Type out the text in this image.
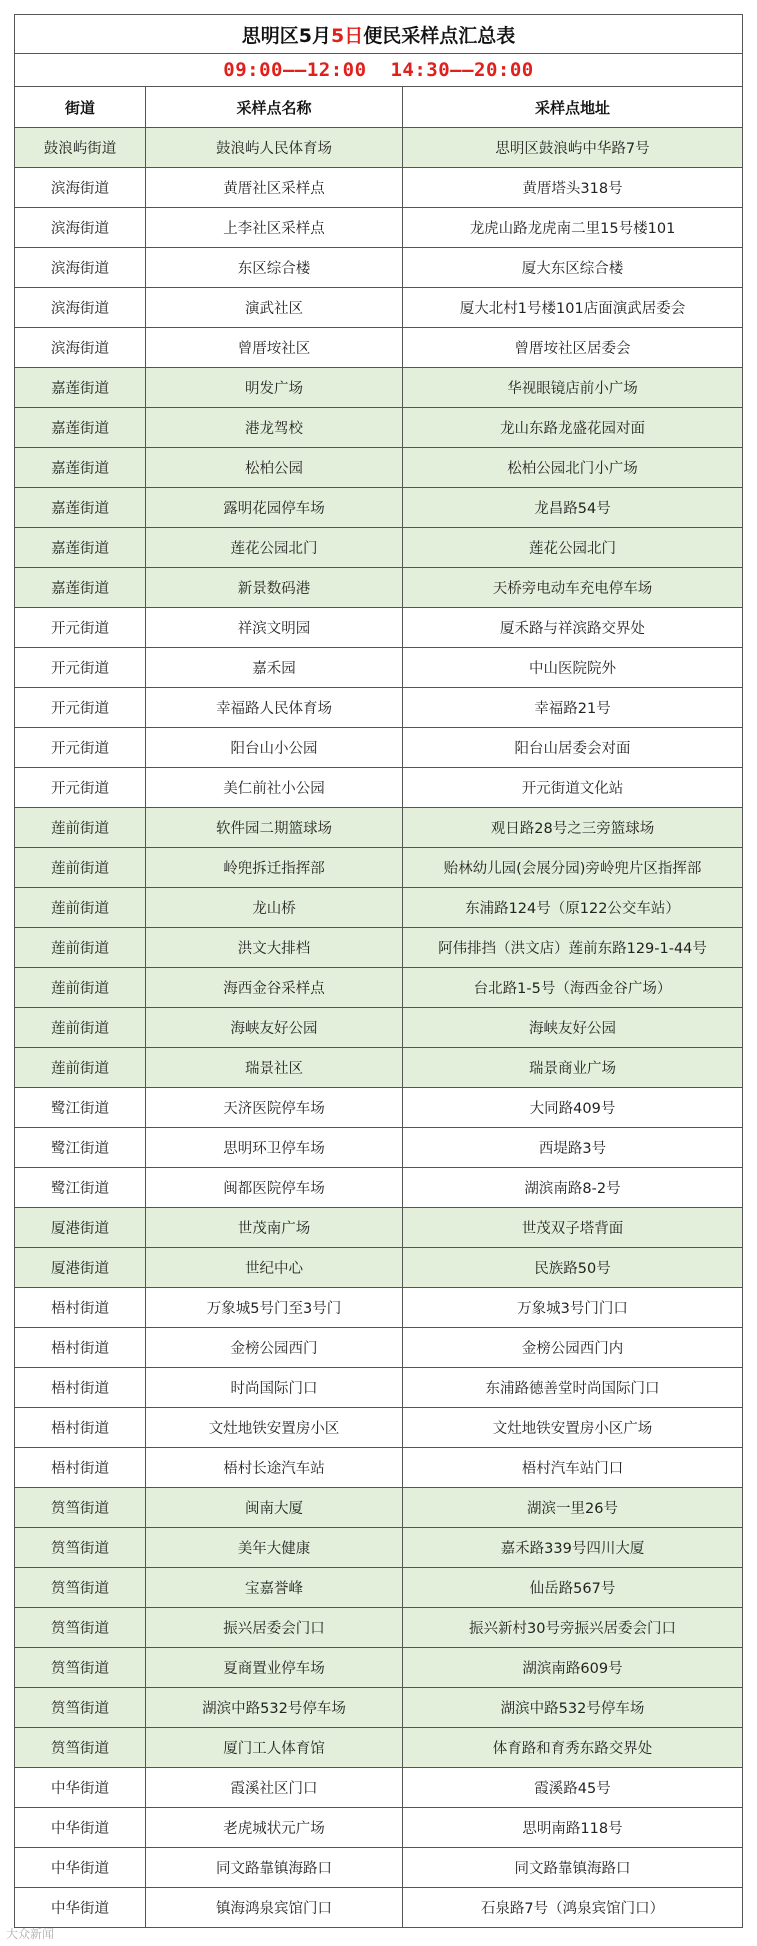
思明区5月5日便民采样点汇总表		
09:00——12:00  14:30——20:00		
街道	采样点名称	采样点地址
鼓浪屿街道	鼓浪屿人民体育场	思明区鼓浪屿中华路7号
滨海街道	黄厝社区采样点	黄厝塔头318号
滨海街道	上李社区采样点	龙虎山路龙虎南二里15号楼101
滨海街道	东区综合楼	厦大东区综合楼
滨海街道	演武社区	厦大北村1号楼101店面演武居委会
滨海街道	曾厝垵社区	曾厝垵社区居委会
嘉莲街道	明发广场	华视眼镜店前小广场
嘉莲街道	港龙驾校	龙山东路龙盛花园对面
嘉莲街道	松柏公园	松柏公园北门小广场
嘉莲街道	露明花园停车场	龙昌路54号
嘉莲街道	莲花公园北门	莲花公园北门
嘉莲街道	新景数码港	天桥旁电动车充电停车场
开元街道	祥滨文明园	厦禾路与祥滨路交界处
开元街道	嘉禾园	中山医院院外
开元街道	幸福路人民体育场	幸福路21号
开元街道	阳台山小公园	阳台山居委会对面
开元街道	美仁前社小公园	开元街道文化站
莲前街道	软件园二期篮球场	观日路28号之三旁篮球场
莲前街道	岭兜拆迁指挥部	贻林幼儿园(会展分园)旁岭兜片区指挥部
莲前街道	龙山桥	东浦路124号（原122公交车站）
莲前街道	洪文大排档	阿伟排挡（洪文店）莲前东路129-1-44号
莲前街道	海西金谷采样点	台北路1-5号（海西金谷广场）
莲前街道	海峡友好公园	海峡友好公园
莲前街道	瑞景社区	瑞景商业广场
鹭江街道	天济医院停车场	大同路409号
鹭江街道	思明环卫停车场	西堤路3号
鹭江街道	闽都医院停车场	湖滨南路8-2号
厦港街道	世茂南广场	世茂双子塔背面
厦港街道	世纪中心	民族路50号
梧村街道	万象城5号门至3号门	万象城3号门门口
梧村街道	金榜公园西门	金榜公园西门内
梧村街道	时尚国际门口	东浦路德善堂时尚国际门口
梧村街道	文灶地铁安置房小区	文灶地铁安置房小区广场
梧村街道	梧村长途汽车站	梧村汽车站门口
筼筜街道	闽南大厦	湖滨一里26号
筼筜街道	美年大健康	嘉禾路339号四川大厦
筼筜街道	宝嘉誉峰	仙岳路567号
筼筜街道	振兴居委会门口	振兴新村30号旁振兴居委会门口
筼筜街道	夏商置业停车场	湖滨南路609号
筼筜街道	湖滨中路532号停车场	湖滨中路532号停车场
筼筜街道	厦门工人体育馆	体育路和育秀东路交界处
中华街道	霞溪社区门口	霞溪路45号
中华街道	老虎城状元广场	思明南路118号
中华街道	同文路靠镇海路口	同文路靠镇海路口
中华街道	镇海鸿泉宾馆门口	石泉路7号（鸿泉宾馆门口）
大众新闻
